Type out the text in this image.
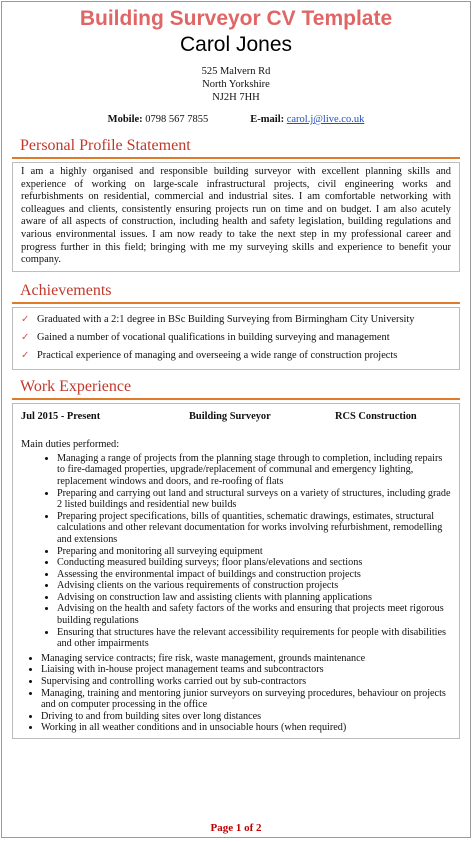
Building Surveyor CV Template
Carol Jones
525 Malvern Rd
North Yorkshire
NJ2H 7HH
Mobile: 0798 567 7855	E-mail: carol.j@live.co.uk
Personal Profile Statement
I am a highly organised and responsible building surveyor with excellent planning skills and experience of working on large-scale infrastructural projects, civil engineering works and refurbishments on residential, commercial and industrial sites. I am comfortable networking with colleagues and clients, consistently ensuring projects run on time and on budget. I am also acutely aware of all aspects of construction, including health and safety legislation, building regulations and various environmental issues. I am now ready to take the next step in my professional career and progress further in this field; bringing with me my surveying skills and experience to benefit your company.
Achievements
✓ Graduated with a 2:1 degree in BSc Building Surveying from Birmingham City University
✓ Gained a number of vocational qualifications in building surveying and management
✓ Practical experience of managing and overseeing a wide range of construction projects
Work Experience
Jul 2015 - Present	Building Surveyor	RCS Construction
Main duties performed:
• Managing a range of projects from the planning stage through to completion, including repairs to fire-damaged properties, upgrade/replacement of communal and emergency lighting, replacement windows and doors, and re-roofing of flats
• Preparing and carrying out land and structural surveys on a variety of structures, including grade 2 listed buildings and residential new builds
• Preparing project specifications, bills of quantities, schematic drawings, estimates, structural calculations and other relevant documentation for works involving refurbishment, remodelling and extensions
• Preparing and monitoring all surveying equipment
• Conducting measured building surveys; floor plans/elevations and sections
• Assessing the environmental impact of buildings and construction projects
• Advising clients on the various requirements of construction projects
• Advising on construction law and assisting clients with planning applications
• Advising on the health and safety factors of the works and ensuring that projects meet rigorous building regulations
• Ensuring that structures have the relevant accessibility requirements for people with disabilities and other impairments
• Managing service contracts; fire risk, waste management, grounds maintenance
• Liaising with in-house project management teams and subcontractors
• Supervising and controlling works carried out by sub-contractors
• Managing, training and mentoring junior surveyors on surveying procedures, behaviour on projects and on computer processing in the office
• Driving to and from building sites over long distances
• Working in all weather conditions and in unsociable hours (when required)
Page 1 of 2
